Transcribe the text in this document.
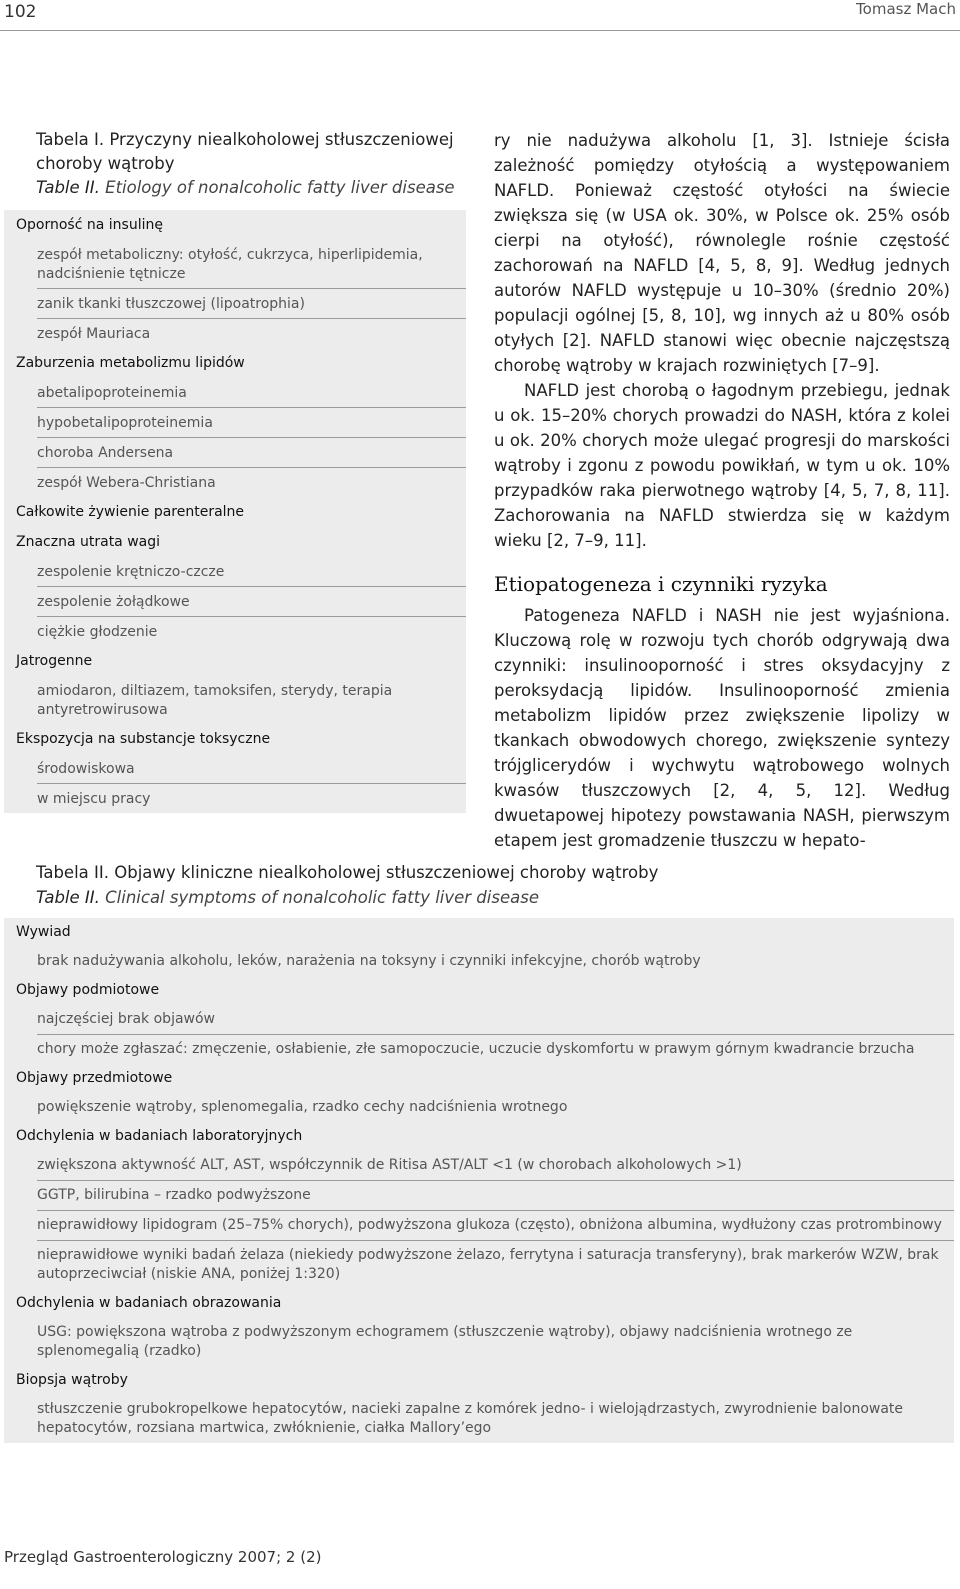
102	Tomasz Mach
Tabela I. Przyczyny niealkoholowej stłuszczeniowej choroby wątroby
Table II. Etiology of nonalcoholic fatty liver disease
Oporność na insulinę
zespół metaboliczny: otyłość, cukrzyca, hiperlipidemia, nadciśnienie tętnicze
zanik tkanki tłuszczowej (lipoatrophia)
zespół Mauriaca
Zaburzenia metabolizmu lipidów
abetalipoproteinemia
hypobetalipoproteinemia
choroba Andersena
zespół Webera-Christiana
Całkowite żywienie parenteralne
Znaczna utrata wagi
zespolenie krętniczo-czcze
zespolenie żołądkowe
ciężkie głodzenie
Jatrogenne
amiodaron, diltiazem, tamoksifen, sterydy, terapia antyretrowirusowa
Ekspozycja na substancje toksyczne
środowiskowa
w miejscu pracy

ry nie nadużywa alkoholu [1, 3]. Istnieje ścisła zależność pomiędzy otyłością a występowaniem NAFLD. Ponieważ częstość otyłości na świecie zwiększa się (w USA ok. 30%, w Polsce ok. 25% osób cierpi na otyłość), równolegle rośnie częstość zachorowań na NAFLD [4, 5, 8, 9]. Według jednych autorów NAFLD występuje u 10–30% (średnio 20%) populacji ogólnej [5, 8, 10], wg innych aż u 80% osób otyłych [2]. NAFLD stanowi więc obecnie najczęstszą chorobę wątroby w krajach rozwiniętych [7–9].

NAFLD jest chorobą o łagodnym przebiegu, jednak u ok. 15–20% chorych prowadzi do NASH, która z kolei u ok. 20% chorych może ulegać progresji do marskości wątroby i zgonu z powodu powikłań, w tym u ok. 10% przypadków raka pierwotnego wątroby [4, 5, 7, 8, 11]. Zachorowania na NAFLD stwierdza się w każdym wieku [2, 7–9, 11].

Etiopatogeneza i czynniki ryzyka

Patogeneza NAFLD i NASH nie jest wyjaśniona. Kluczową rolę w rozwoju tych chorób odgrywają dwa czynniki: insulinooporność i stres oksydacyjny z peroksydacją lipidów. Insulinooporność zmienia metabolizm lipidów przez zwiększenie lipolizy w tkankach obwodowych chorego, zwiększenie syntezy trójglicerydów i wychwytu wątrobowego wolnych kwasów tłuszczowych [2, 4, 5, 12]. Według dwuetapowej hipotezy powstawania NASH, pierwszym etapem jest gromadzenie tłuszczu w hepato-

Tabela II. Objawy kliniczne niealkoholowej stłuszczeniowej choroby wątroby
Table II. Clinical symptoms of nonalcoholic fatty liver disease
Wywiad
brak nadużywania alkoholu, leków, narażenia na toksyny i czynniki infekcyjne, chorób wątroby
Objawy podmiotowe
najczęściej brak objawów
chory może zgłaszać: zmęczenie, osłabienie, złe samopoczucie, uczucie dyskomfortu w prawym górnym kwadrancie brzucha
Objawy przedmiotowe
powiększenie wątroby, splenomegalia, rzadko cechy nadciśnienia wrotnego
Odchylenia w badaniach laboratoryjnych
zwiększona aktywność ALT, AST, współczynnik de Ritisa AST/ALT <1 (w chorobach alkoholowych >1)
GGTP, bilirubina – rzadko podwyższone
nieprawidłowy lipidogram (25–75% chorych), podwyższona glukoza (często), obniżona albumina, wydłużony czas protrombinowy
nieprawidłowe wyniki badań żelaza (niekiedy podwyższone żelazo, ferrytyna i saturacja transferyny), brak markerów WZW, brak autoprzeciwciał (niskie ANA, poniżej 1:320)
Odchylenia w badaniach obrazowania
USG: powiększona wątroba z podwyższonym echogramem (stłuszczenie wątroby), objawy nadciśnienia wrotnego ze splenomegalią (rzadko)
Biopsja wątroby
stłuszczenie grubokropelkowe hepatocytów, nacieki zapalne z komórek jedno- i wielojądrzastych, zwyrodnienie balonowate hepatocytów, rozsiana martwica, zwłóknienie, ciałka Mallory’ego
Przegląd Gastroenterologiczny 2007; 2 (2)
